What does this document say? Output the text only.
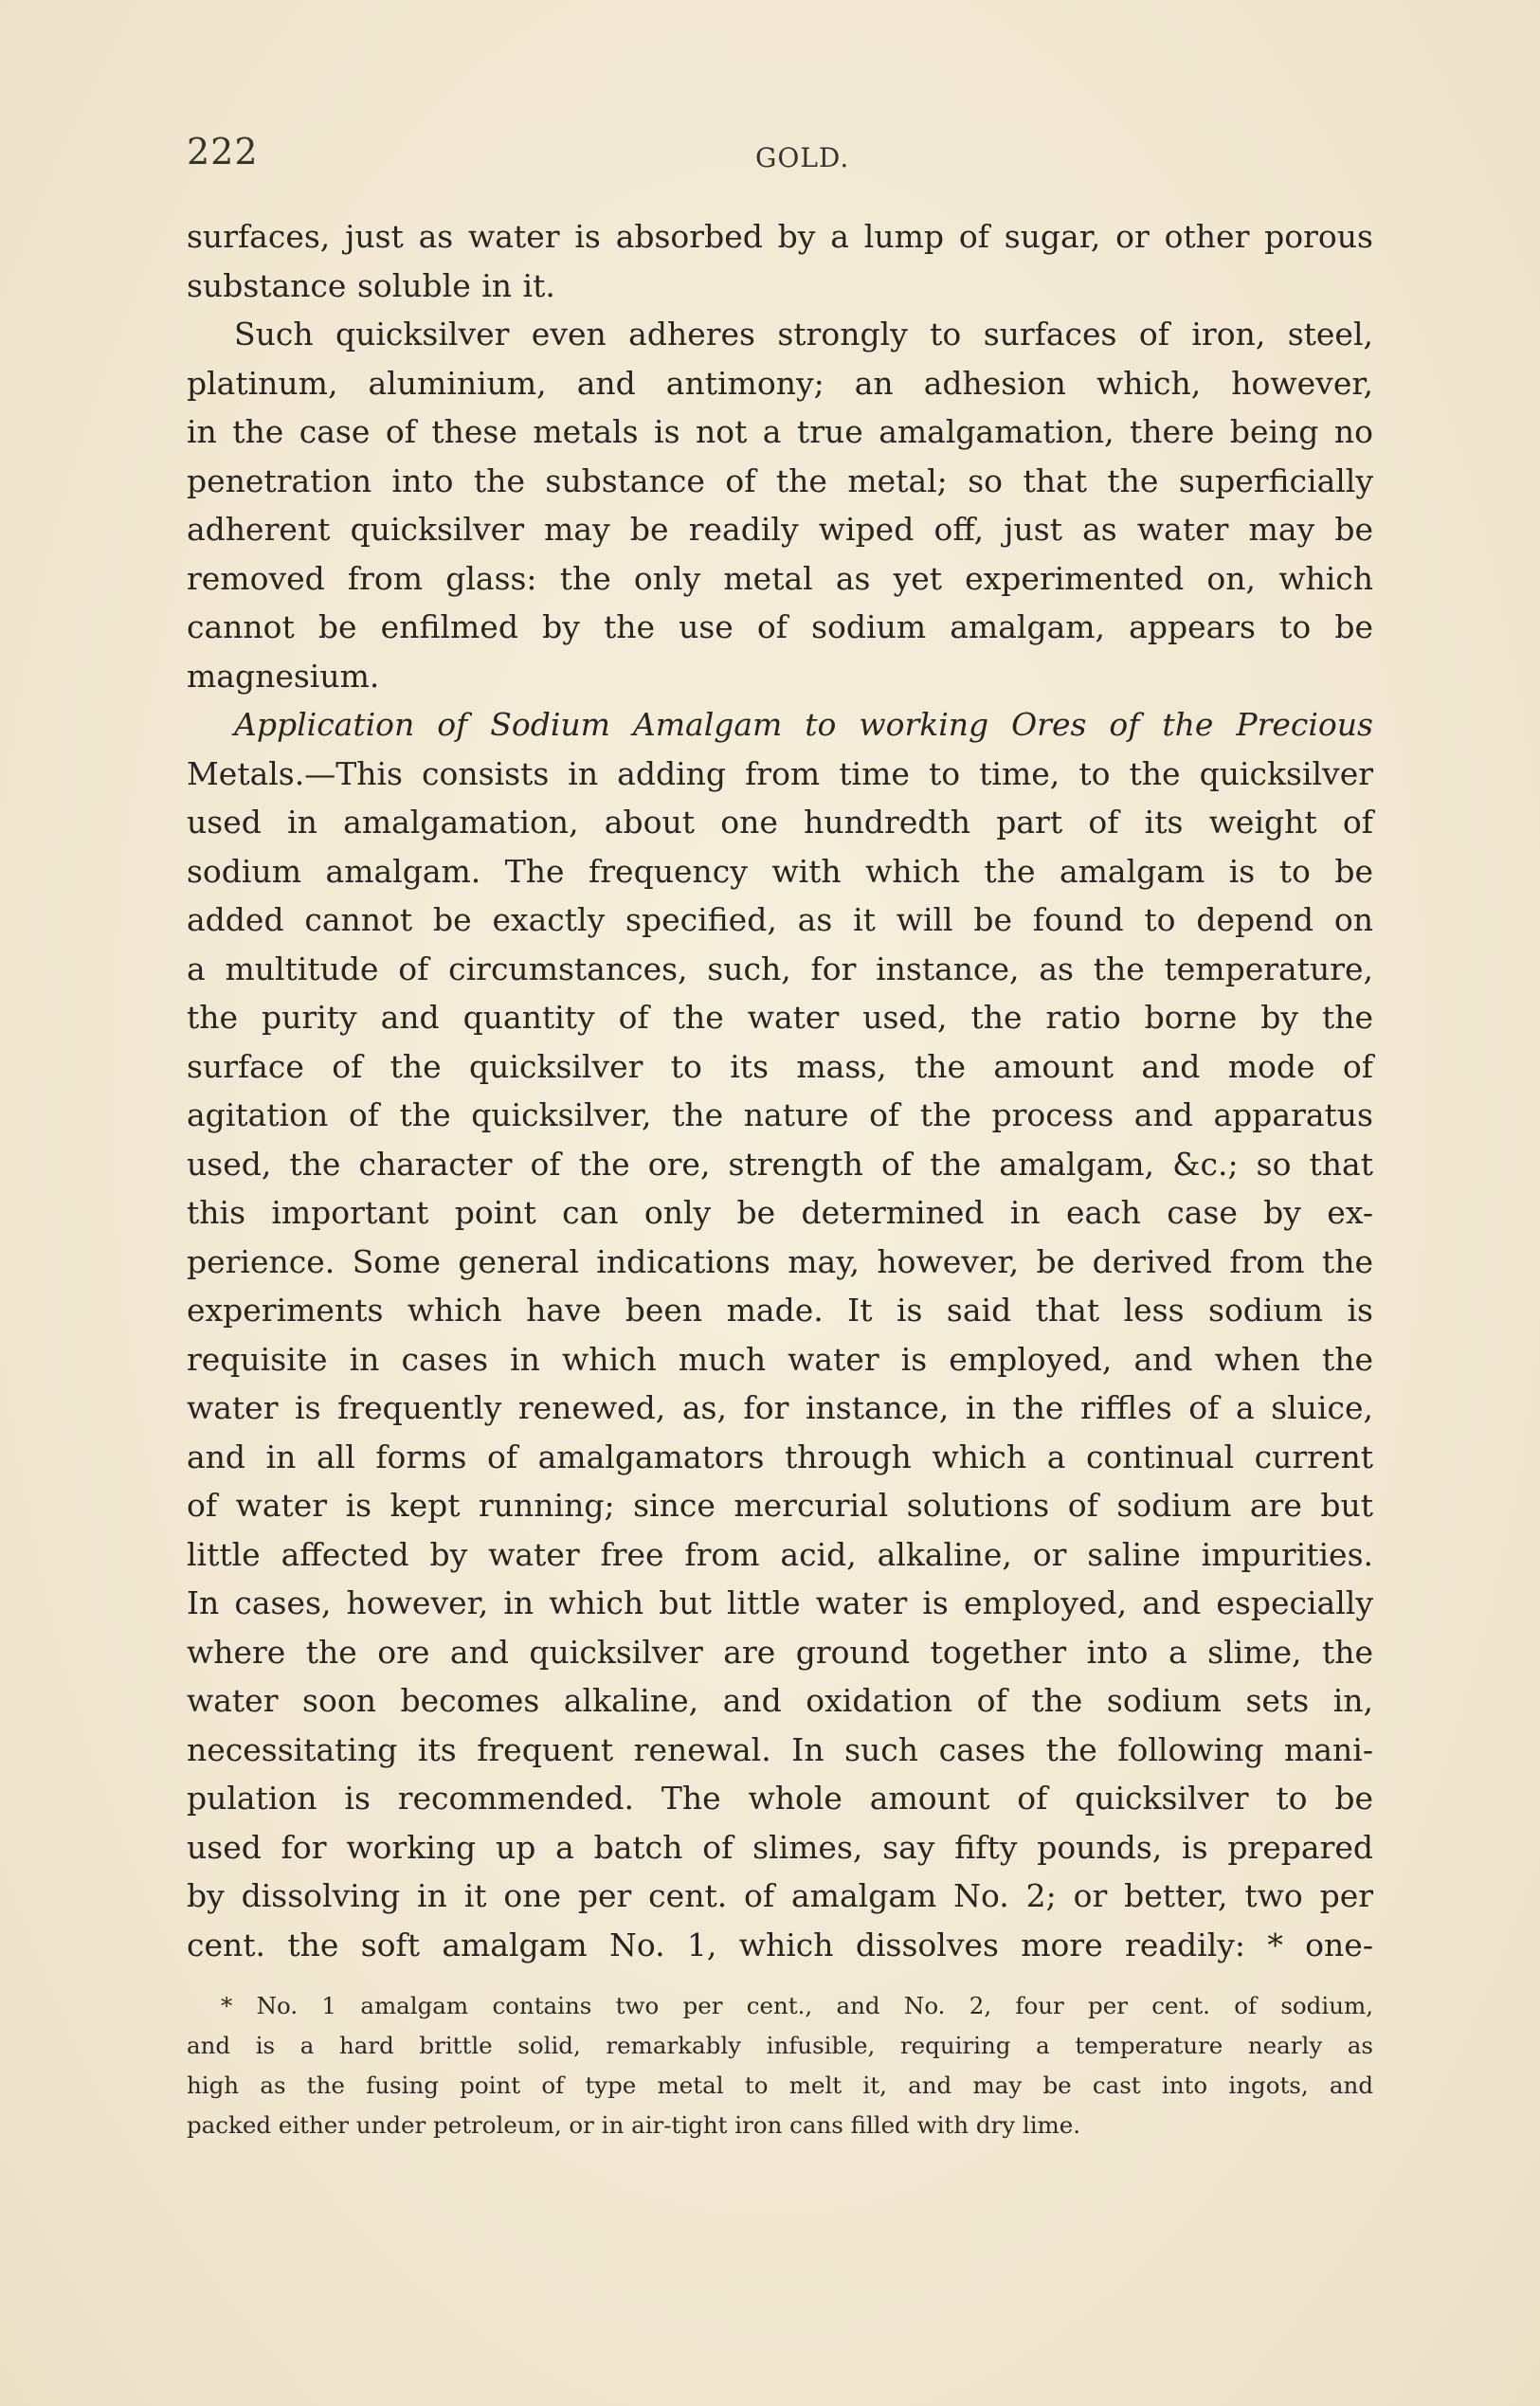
222	GOLD.
surfaces, just as water is absorbed by a lump of sugar, or other porous
substance soluble in it.
Such quicksilver even adheres strongly to surfaces of iron, steel,
platinum, aluminium, and antimony; an adhesion which, however,
in the case of these metals is not a true amalgamation, there being no
penetration into the substance of the metal; so that the superficially
adherent quicksilver may be readily wiped off, just as water may be
removed from glass: the only metal as yet experimented on, which
cannot be enfilmed by the use of sodium amalgam, appears to be
magnesium.
Application of Sodium Amalgam to working Ores of the Precious
Metals.—This consists in adding from time to time, to the quicksilver
used in amalgamation, about one hundredth part of its weight of
sodium amalgam. The frequency with which the amalgam is to be
added cannot be exactly specified, as it will be found to depend on
a multitude of circumstances, such, for instance, as the temperature,
the purity and quantity of the water used, the ratio borne by the
surface of the quicksilver to its mass, the amount and mode of
agitation of the quicksilver, the nature of the process and apparatus
used, the character of the ore, strength of the amalgam, &c.; so that
this important point can only be determined in each case by ex-
perience. Some general indications may, however, be derived from the
experiments which have been made. It is said that less sodium is
requisite in cases in which much water is employed, and when the
water is frequently renewed, as, for instance, in the riffles of a sluice,
and in all forms of amalgamators through which a continual current
of water is kept running; since mercurial solutions of sodium are but
little affected by water free from acid, alkaline, or saline impurities.
In cases, however, in which but little water is employed, and especially
where the ore and quicksilver are ground together into a slime, the
water soon becomes alkaline, and oxidation of the sodium sets in,
necessitating its frequent renewal. In such cases the following mani-
pulation is recommended. The whole amount of quicksilver to be
used for working up a batch of slimes, say fifty pounds, is prepared
by dissolving in it one per cent. of amalgam No. 2; or better, two per
cent. the soft amalgam No. 1, which dissolves more readily: * one-
* No. 1 amalgam contains two per cent., and No. 2, four per cent. of sodium,
and is a hard brittle solid, remarkably infusible, requiring a temperature nearly as
high as the fusing point of type metal to melt it, and may be cast into ingots, and
packed either under petroleum, or in air-tight iron cans filled with dry lime.
